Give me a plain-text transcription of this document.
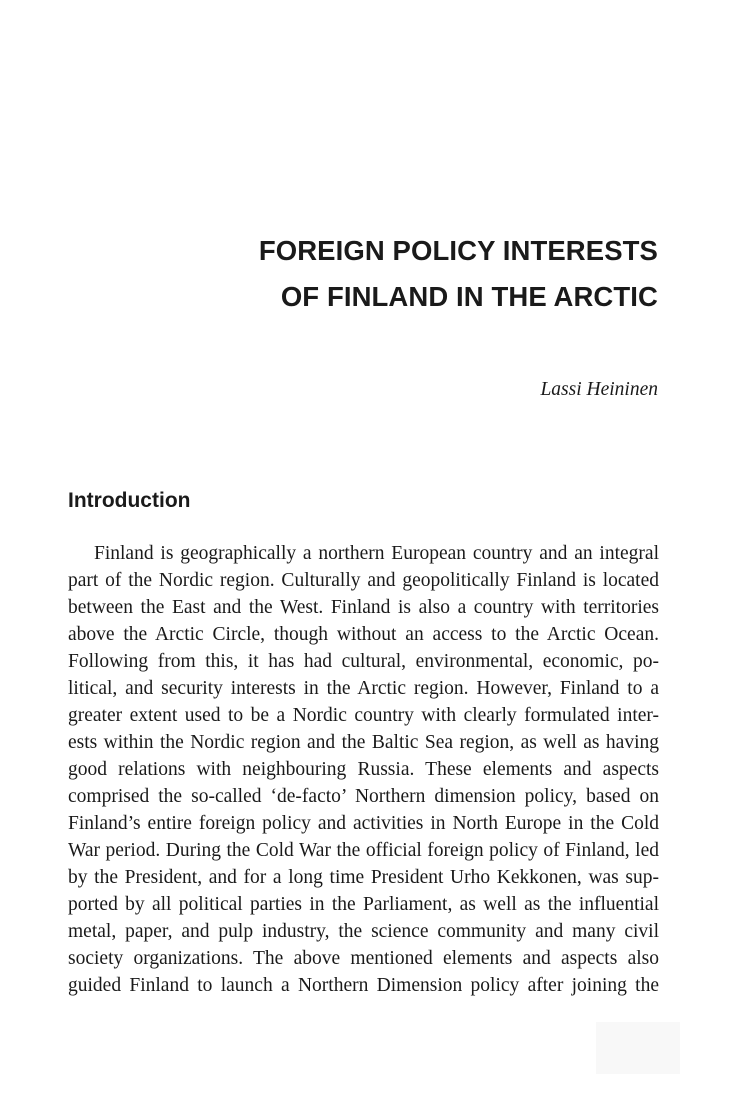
FOREIGN POLICY INTERESTS
OF FINLAND IN THE ARCTIC
Lassi Heininen
Introduction
Finland is geographically a northern European country and an integral
part of the Nordic region. Culturally and geopolitically Finland is located
between the East and the West. Finland is also a country with territories
above the Arctic Circle, though without an access to the Arctic Ocean.
Following from this, it has had cultural, environmental, economic, po-
litical, and security interests in the Arctic region. However, Finland to a
greater extent used to be a Nordic country with clearly formulated inter-
ests within the Nordic region and the Baltic Sea region, as well as having
good relations with neighbouring Russia. These elements and aspects
comprised the so-called ‘de-facto’ Northern dimension policy, based on
Finland’s entire foreign policy and activities in North Europe in the Cold
War period. During the Cold War the official foreign policy of Finland, led
by the President, and for a long time President Urho Kekkonen, was sup-
ported by all political parties in the Parliament, as well as the influential
metal, paper, and pulp industry, the science community and many civil
society organizations. The above mentioned elements and aspects also
guided Finland to launch a Northern Dimension policy after joining the
